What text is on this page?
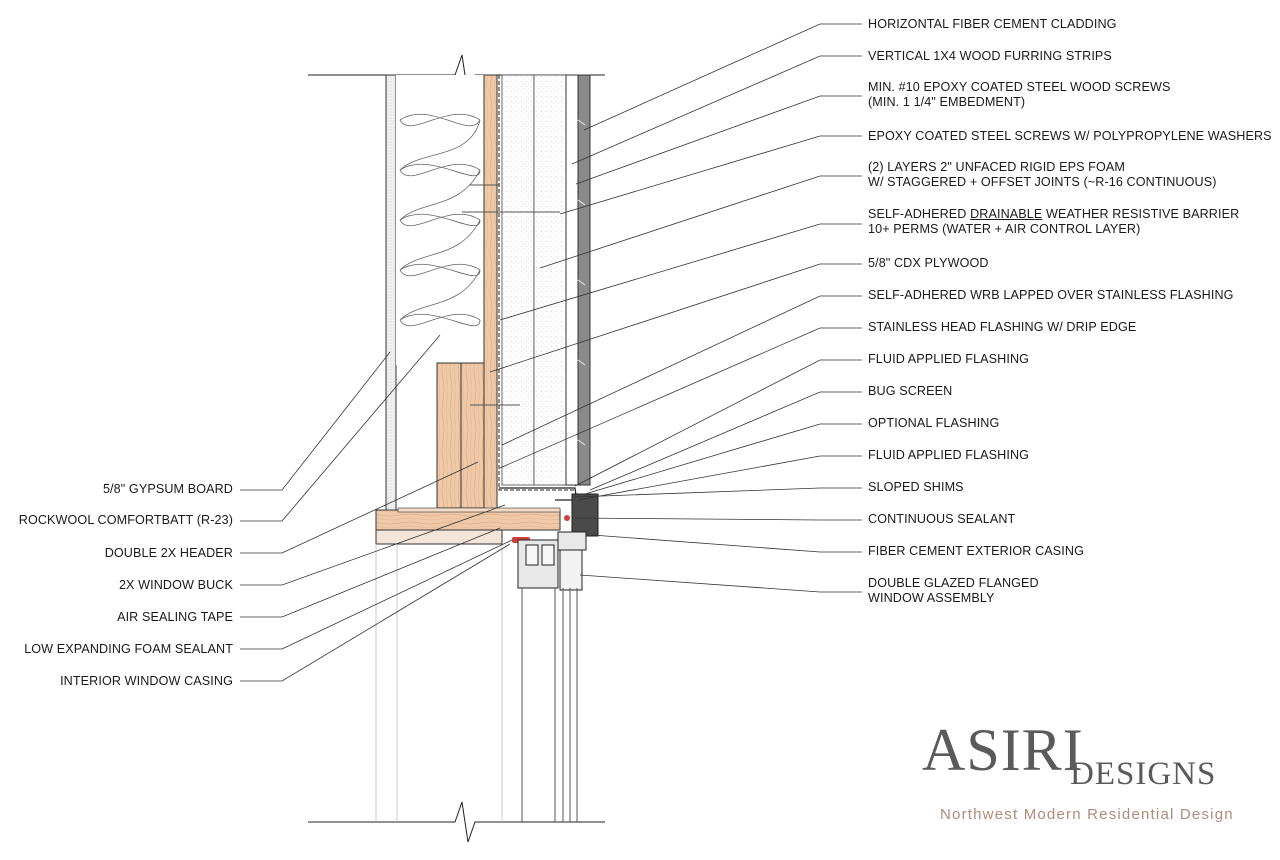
HORIZONTAL FIBER CEMENT CLADDING
VERTICAL 1X4 WOOD FURRING STRIPS
MIN. #10 EPOXY COATED STEEL WOOD SCREWS
(MIN. 1 1/4" EMBEDMENT)
EPOXY COATED STEEL SCREWS W/ POLYPROPYLENE WASHERS
(2) LAYERS 2" UNFACED RIGID EPS FOAM
W/ STAGGERED + OFFSET JOINTS (~R-16 CONTINUOUS)
SELF-ADHERED DRAINABLE WEATHER RESISTIVE BARRIER
10+ PERMS (WATER + AIR CONTROL LAYER)
5/8" CDX PLYWOOD
SELF-ADHERED WRB LAPPED OVER STAINLESS FLASHING
STAINLESS HEAD FLASHING W/ DRIP EDGE
FLUID APPLIED FLASHING
BUG SCREEN
OPTIONAL FLASHING
FLUID APPLIED FLASHING
SLOPED SHIMS
CONTINUOUS SEALANT
FIBER CEMENT EXTERIOR CASING
DOUBLE GLAZED FLANGED
WINDOW ASSEMBLY
5/8" GYPSUM BOARD
ROCKWOOL COMFORTBATT (R-23)
DOUBLE 2X HEADER
2X WINDOW BUCK
AIR SEALING TAPE
LOW EXPANDING FOAM SEALANT
INTERIOR WINDOW CASING
ASIRI
DESIGNS
Northwest Modern Residential Design
